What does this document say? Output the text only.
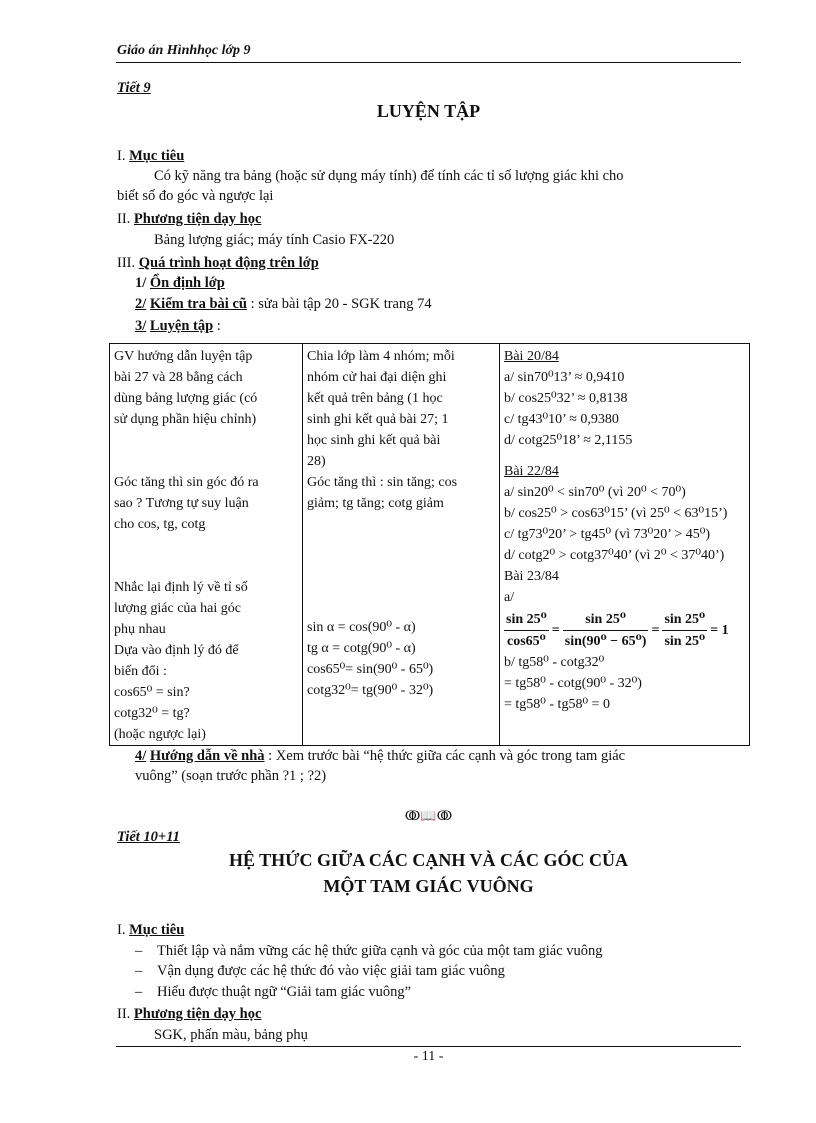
Giáo án Hìnhhọc lớp 9
Tiết 9
LUYỆN TẬP
I. Mục tiêu
Có kỹ năng tra bảng (hoặc sử dụng máy tính) để tính các tỉ số lượng giác khi cho
biết số đo góc và ngược lại
II. Phương tiện dạy học
Bảng lượng giác; máy tính Casio FX-220
III. Quá trình hoạt động trên lớp
1/ Ổn định lớp
2/ Kiểm tra bài cũ : sửa bài tập 20 - SGK trang 74
3/ Luyện tập :
GV hướng dẫn luyện tập
bài 27 và 28 bằng cách
dùng bảng lượng giác (có
sử dụng phần hiệu chỉnh)
Góc tăng thì sin góc đó ra
sao ? Tương tự suy luận
cho cos, tg, cotg
Nhắc lại định lý về tỉ số
lượng giác của hai góc
phụ nhau
Dựa vào định lý đó để
biến đổi :
cos65⁰ = sin?
cotg32⁰ = tg?
(hoặc ngược lại)

Chia lớp làm 4 nhóm; mỗi
nhóm cử hai đại diện ghi
kết quả trên bảng (1 học
sinh ghi kết quả bài 27; 1
học sinh ghi kết quả bài
28)
Góc tăng thì : sin tăng; cos
giảm; tg tăng; cotg giảm
sin α = cos(90⁰ - α)
tg α = cotg(90⁰ - α)
cos65⁰= sin(90⁰ - 65⁰)
cotg32⁰= tg(90⁰ - 32⁰)

Bài 20/84
a/ sin70⁰13’ ≈ 0,9410
b/ cos25⁰32’ ≈ 0,8138
c/ tg43⁰10’ ≈ 0,9380
d/ cotg25⁰18’ ≈ 2,1155
Bài 22/84
a/ sin20⁰ < sin70⁰ (vì 20⁰ < 70⁰)
b/ cos25⁰ > cos63⁰15’ (vì 25⁰ < 63⁰15’)
c/ tg73⁰20’ > tg45⁰ (vì 73⁰20’ > 45⁰)
d/ cotg2⁰ > cotg37⁰40’ (vì 2⁰ < 37⁰40’)
Bài 23/84
a/
$\frac{\text{sin 25⁰}}{\text{cos65⁰}} = \frac{\text{sin 25⁰}}{\text{sin(90⁰ − 65⁰)}} = \frac{\text{sin 25⁰}}{\text{sin 25⁰}} = 1$
b/ tg58⁰ - cotg32⁰
= tg58⁰ - cotg(90⁰ - 32⁰)
= tg58⁰ - tg58⁰ = 0
4/ Hướng dẫn về nhà : Xem trước bài “hệ thức giữa các cạnh và góc trong tam giác
vuông” (soạn trước phần ?1 ; ?2)
ↂ📖ↂ
Tiết 10+11
HỆ THỨC GIỮA CÁC CẠNH VÀ CÁC GÓC CỦA
MỘT TAM GIÁC VUÔNG
I. Mục tiêu
– Thiết lập và nắm vững các hệ thức giữa cạnh và góc của một tam giác vuông
– Vận dụng được các hệ thức đó vào việc giải tam giác vuông
– Hiểu được thuật ngữ “Giải tam giác vuông”
II. Phương tiện dạy học
SGK, phấn màu, bảng phụ
- 11 -
